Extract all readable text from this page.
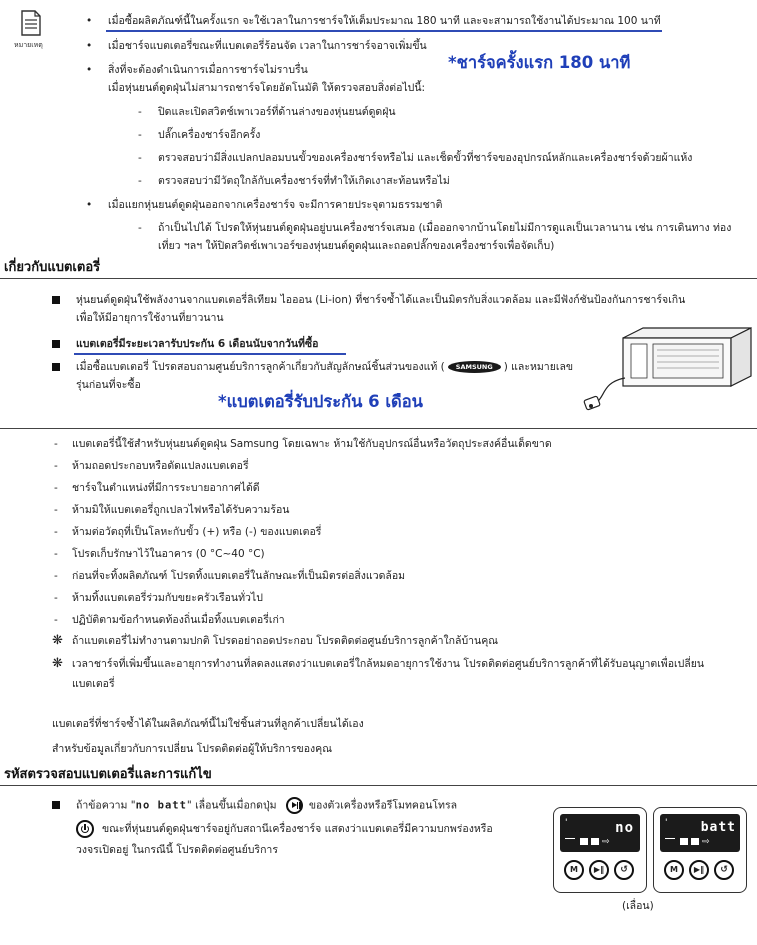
หมายเหตุ
• เมื่อซื้อผลิตภัณฑ์นี้ในครั้งแรก จะใช้เวลาในการชาร์จให้เต็มประมาณ 180 นาที และจะสามารถใช้งานได้ประมาณ 100 นาที
• เมื่อชาร์จแบตเตอรี่ขณะที่แบตเตอรี่ร้อนจัด เวลาในการชาร์จอาจเพิ่มขึ้น
• สิ่งที่จะต้องดำเนินการเมื่อการชาร์จไม่ราบรื่น
เมื่อหุ่นยนต์ดูดฝุ่นไม่สามารถชาร์จโดยอัตโนมัติ ให้ตรวจสอบสิ่งต่อไปนี้:
*ชาร์จครั้งแรก 180 นาที
- ปิดและเปิดสวิตช์เพาเวอร์ที่ด้านล่างของหุ่นยนต์ดูดฝุ่น
- ปลั๊กเครื่องชาร์จอีกครั้ง
- ตรวจสอบว่ามีสิ่งแปลกปลอมบนขั้วของเครื่องชาร์จหรือไม่ และเช็ดขั้วที่ชาร์จของอุปกรณ์หลักและเครื่องชาร์จด้วยผ้าแห้ง
- ตรวจสอบว่ามีวัตถุใกล้กับเครื่องชาร์จที่ทำให้เกิดเงาสะท้อนหรือไม่
• เมื่อแยกหุ่นยนต์ดูดฝุ่นออกจากเครื่องชาร์จ จะมีการคายประจุตามธรรมชาติ
- ถ้าเป็นไปได้ โปรดให้หุ่นยนต์ดูดฝุ่นอยู่บนเครื่องชาร์จเสมอ (เมื่อออกจากบ้านโดยไม่มีการดูแลเป็นเวลานาน เช่น การเดินทาง ท่อง
เที่ยว ฯลฯ ให้ปิดสวิตช์เพาเวอร์ของหุ่นยนต์ดูดฝุ่นและถอดปลั๊กของเครื่องชาร์จเพื่อจัดเก็บ)
เกี่ยวกับแบตเตอรี่
หุ่นยนต์ดูดฝุ่นใช้พลังงานจากแบตเตอรี่ลิเทียม ไอออน (Li-ion) ที่ชาร์จซ้ำได้และเป็นมิตรกับสิ่งแวดล้อม และมีฟังก์ชันป้องกันการชาร์จเกิน
เพื่อให้มีอายุการใช้งานที่ยาวนาน
แบตเตอรี่มีระยะเวลารับประกัน 6 เดือนนับจากวันที่ซื้อ
เมื่อซื้อแบตเตอรี่ โปรดสอบถามศูนย์บริการลูกค้าเกี่ยวกับสัญลักษณ์ชิ้นส่วนของแท้ ( SAMSUNG ) และหมายเลข
รุ่นก่อนที่จะซื้อ
*แบตเตอรี่รับประกัน 6 เดือน
- แบตเตอรี่นี้ใช้สำหรับหุ่นยนต์ดูดฝุ่น Samsung โดยเฉพาะ ห้ามใช้กับอุปกรณ์อื่นหรือวัตถุประสงค์อื่นเด็ดขาด
- ห้ามถอดประกอบหรือดัดแปลงแบตเตอรี่
- ชาร์จในตำแหน่งที่มีการระบายอากาศได้ดี
- ห้ามมิให้แบตเตอรี่ถูกเปลวไฟหรือได้รับความร้อน
- ห้ามต่อวัตถุที่เป็นโลหะกับขั้ว (+) หรือ (-) ของแบตเตอรี่
- โปรดเก็บรักษาไว้ในอาคาร (0 °C~40 °C)
- ก่อนที่จะทิ้งผลิตภัณฑ์ โปรดทิ้งแบตเตอรี่ในลักษณะที่เป็นมิตรต่อสิ่งแวดล้อม
- ห้ามทิ้งแบตเตอรี่ร่วมกับขยะครัวเรือนทั่วไป
- ปฏิบัติตามข้อกำหนดท้องถิ่นเมื่อทิ้งแบตเตอรี่เก่า
❋ ถ้าแบตเตอรี่ไม่ทำงานตามปกติ โปรดอย่าถอดประกอบ โปรดติดต่อศูนย์บริการลูกค้าใกล้บ้านคุณ
❋ เวลาชาร์จที่เพิ่มขึ้นและอายุการทำงานที่ลดลงแสดงว่าแบตเตอรี่ใกล้หมดอายุการใช้งาน โปรดติดต่อศูนย์บริการลูกค้าที่ได้รับอนุญาตเพื่อเปลี่ยน
แบตเตอรี่
แบตเตอรี่ที่ชาร์จซ้ำได้ในผลิตภัณฑ์นี้ไม่ใช่ชิ้นส่วนที่ลูกค้าเปลี่ยนได้เอง
สำหรับข้อมูลเกี่ยวกับการเปลี่ยน โปรดติดต่อผู้ให้บริการของคุณ
รหัสตรวจสอบแบตเตอรี่และการแก้ไข
ถ้าข้อความ "no batt" เลื่อนขึ้นเมื่อกดปุ่ม	ของตัวเครื่องหรือรีโมทคอนโทรล
ขณะที่หุ่นยนต์ดูดฝุ่นชาร์จอยู่กับสถานีเครื่องชาร์จ แสดงว่าแบตเตอรี่มีความบกพร่องหรือ
วงจรเปิดอยู่ ในกรณีนี้ โปรดติดต่อศูนย์บริการ
'	no
⇨
M	▶‖	↺
'	batt
⇨
M	▶‖	↺
(เลื่อน)
